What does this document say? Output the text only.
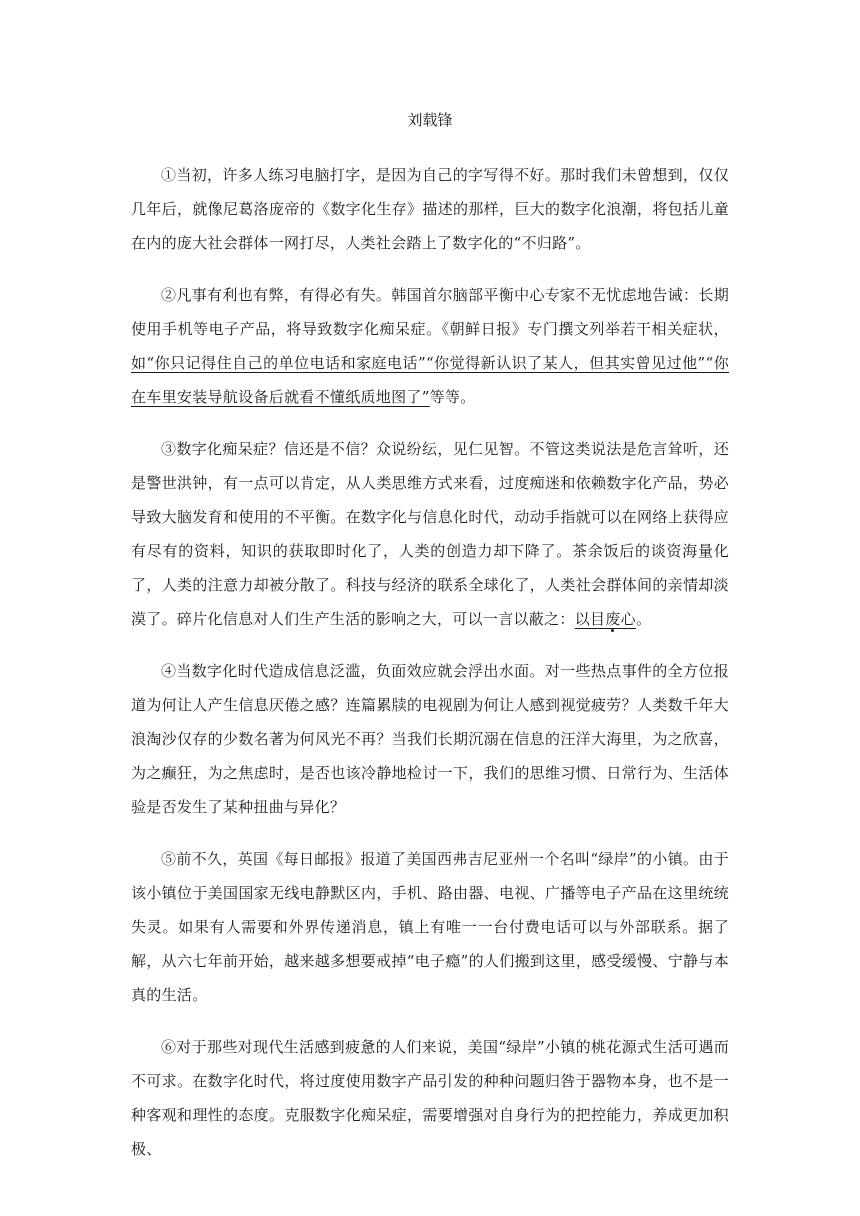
刘载锋

①当初，许多人练习电脑打字，是因为自己的字写得不好。那时我们未曾想到，仅仅几年后，就像尼葛洛庞帝的《数字化生存》描述的那样，巨大的数字化浪潮，将包括儿童在内的庞大社会群体一网打尽，人类社会踏上了数字化的“不归路”。

②凡事有利也有弊，有得必有失。韩国首尔脑部平衡中心专家不无忧虑地告诫：长期使用手机等电子产品，将导致数字化痴呆症。《朝鲜日报》专门撰文列举若干相关症状，如“你只记得住自己的单位电话和家庭电话”“你觉得新认识了某人，但其实曾见过他”“你在车里安装导航设备后就看不懂纸质地图了”等等。

③数字化痴呆症？信还是不信？众说纷纭，见仁见智。不管这类说法是危言耸听，还是警世洪钟，有一点可以肯定，从人类思维方式来看，过度痴迷和依赖数字化产品，势必导致大脑发育和使用的不平衡。在数字化与信息化时代，动动手指就可以在网络上获得应有尽有的资料，知识的获取即时化了，人类的创造力却下降了。茶余饭后的谈资海量化了，人类的注意力却被分散了。科技与经济的联系全球化了，人类社会群体间的亲情却淡漠了。碎片化信息对人们生产生活的影响之大，可以一言以蔽之：以目废心。

④当数字化时代造成信息泛滥，负面效应就会浮出水面。对一些热点事件的全方位报道为何让人产生信息厌倦之感？连篇累牍的电视剧为何让人感到视觉疲劳？人类数千年大浪淘沙仅存的少数名著为何风光不再？当我们长期沉溺在信息的汪洋大海里，为之欣喜，为之癫狂，为之焦虑时，是否也该冷静地检讨一下，我们的思维习惯、日常行为、生活体验是否发生了某种扭曲与异化？

⑤前不久，英国《每日邮报》报道了美国西弗吉尼亚州一个名叫“绿岸”的小镇。由于该小镇位于美国国家无线电静默区内，手机、路由器、电视、广播等电子产品在这里统统失灵。如果有人需要和外界传递消息，镇上有唯一一台付费电话可以与外部联系。据了解，从六七年前开始，越来越多想要戒掉“电子瘾”的人们搬到这里，感受缓慢、宁静与本真的生活。

⑥对于那些对现代生活感到疲惫的人们来说，美国“绿岸”小镇的桃花源式生活可遇而不可求。在数字化时代，将过度使用数字产品引发的种种问题归咎于器物本身，也不是一种客观和理性的态度。克服数字化痴呆症，需要增强对自身行为的把控能力，养成更加积极、
